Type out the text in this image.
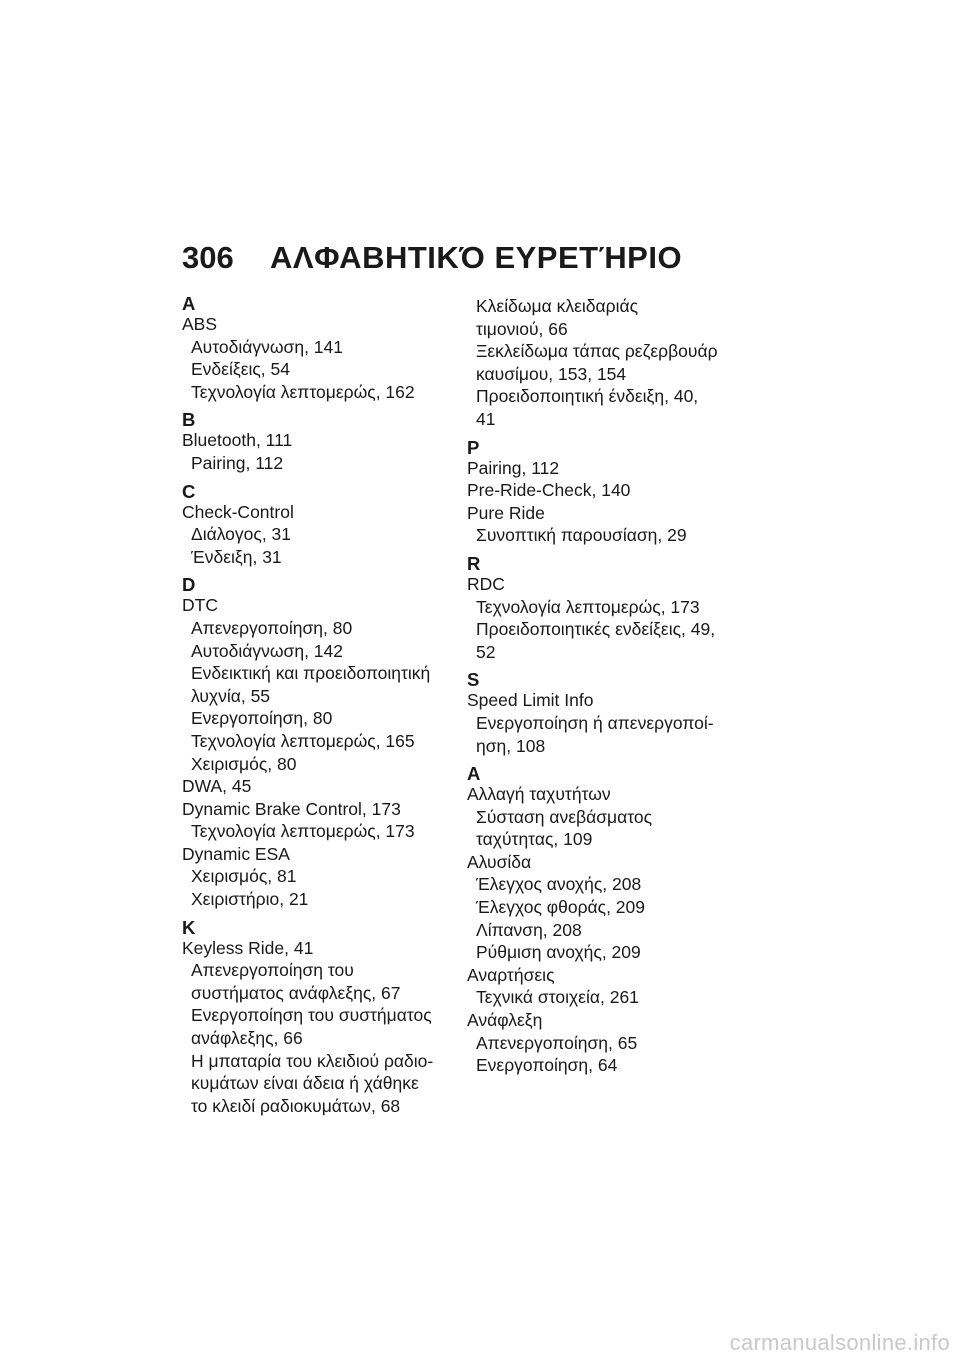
306	ΑΛΦΑΒΗΤΙΚΌ ΕΥΡΕΤΉΡΙΟ
A
ABS
Αυτοδιάγνωση, 141
Ενδείξεις, 54
Τεχνολογία λεπτομερώς, 162
B
Bluetooth, 111
Pairing, 112
C
Check-Control
Διάλογος, 31
Ένδειξη, 31
D
DTC
Απενεργοποίηση, 80
Αυτοδιάγνωση, 142
Ενδεικτική και προειδοποιητική
λυχνία, 55
Ενεργοποίηση, 80
Τεχνολογία λεπτομερώς, 165
Χειρισμός, 80
DWA, 45
Dynamic Brake Control, 173
Τεχνολογία λεπτομερώς, 173
Dynamic ESA
Χειρισμός, 81
Χειριστήριο, 21
K
Keyless Ride, 41
Απενεργοποίηση του
συστήματος ανάφλεξης, 67
Ενεργοποίηση του συστήματος
ανάφλεξης, 66
Η μπαταρία του κλειδιού ραδιο-
κυμάτων είναι άδεια ή χάθηκε
το κλειδί ραδιοκυμάτων, 68
Κλείδωμα κλειδαριάς
τιμονιού, 66
Ξεκλείδωμα τάπας ρεζερβουάρ
καυσίμου, 153, 154
Προειδοποιητική ένδειξη, 40,
41
P
Pairing, 112
Pre-Ride-Check, 140
Pure Ride
Συνοπτική παρουσίαση, 29
R
RDC
Τεχνολογία λεπτομερώς, 173
Προειδοποιητικές ενδείξεις, 49,
52
S
Speed Limit Info
Ενεργοποίηση ή απενεργοποί-
ηση, 108
Α
Αλλαγή ταχυτήτων
Σύσταση ανεβάσματος
ταχύτητας, 109
Αλυσίδα
Έλεγχος ανοχής, 208
Έλεγχος φθοράς, 209
Λίπανση, 208
Ρύθμιση ανοχής, 209
Αναρτήσεις
Τεχνικά στοιχεία, 261
Ανάφλεξη
Απενεργοποίηση, 65
Ενεργοποίηση, 64
carmanualsonline.info
